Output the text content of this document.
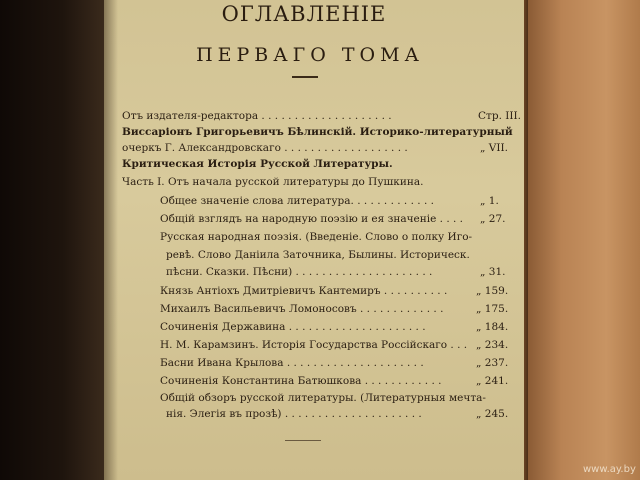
ОГЛАВЛЕНІЕ
ПЕРВАГО ТОМА
Отъ издателя-редактора . . . . . . . . . . . . . . . . . . . .	Стр. III.
Виссаріонъ Григорьевичъ Бѣлинскій. Историко-литературный
очеркъ Г. Александровскаго . . . . . . . . . . . . . . . . . . .	„ VII.
Критическая Исторія Русской Литературы.
Часть I. Отъ начала русской литературы до Пушкина.
Общее значеніе слова литература. . . . . . . . . . . . .	„ 1.
Общій взглядъ на народную поэзію и ея значеніе . . . . „ 27.
Русская народная поэзія. (Введеніе. Слово о полку Иго-
ревѣ. Слово Даніила Заточника, Былины. Историческ.
пѣсни. Сказки. Пѣсни) . . . . . . . . . . . . . . . . . . . . .	„ 31.
Князь Антіохъ Дмитріевичъ Кантемиръ . . . . . . . . . .	„ 159.
Михаилъ Васильевичъ Ломоносовъ . . . . . . . . . . . . .	„ 175.
Сочиненія Державина . . . . . . . . . . . . . . . . . . . . .	„ 184.
Н. М. Карамзинъ. Исторія Государства Россійскаго . . . „ 234.
Басни Ивана Крылова . . . . . . . . . . . . . . . . . . . . .	„ 237.
Сочиненія Константина Батюшкова . . . . . . . . . . . .	„ 241.
Общій обзоръ русской литературы. (Литературныя мечта-
нія. Элегія въ прозѣ) . . . . . . . . . . . . . . . . . . . . .	„ 245.
www.ay.by
